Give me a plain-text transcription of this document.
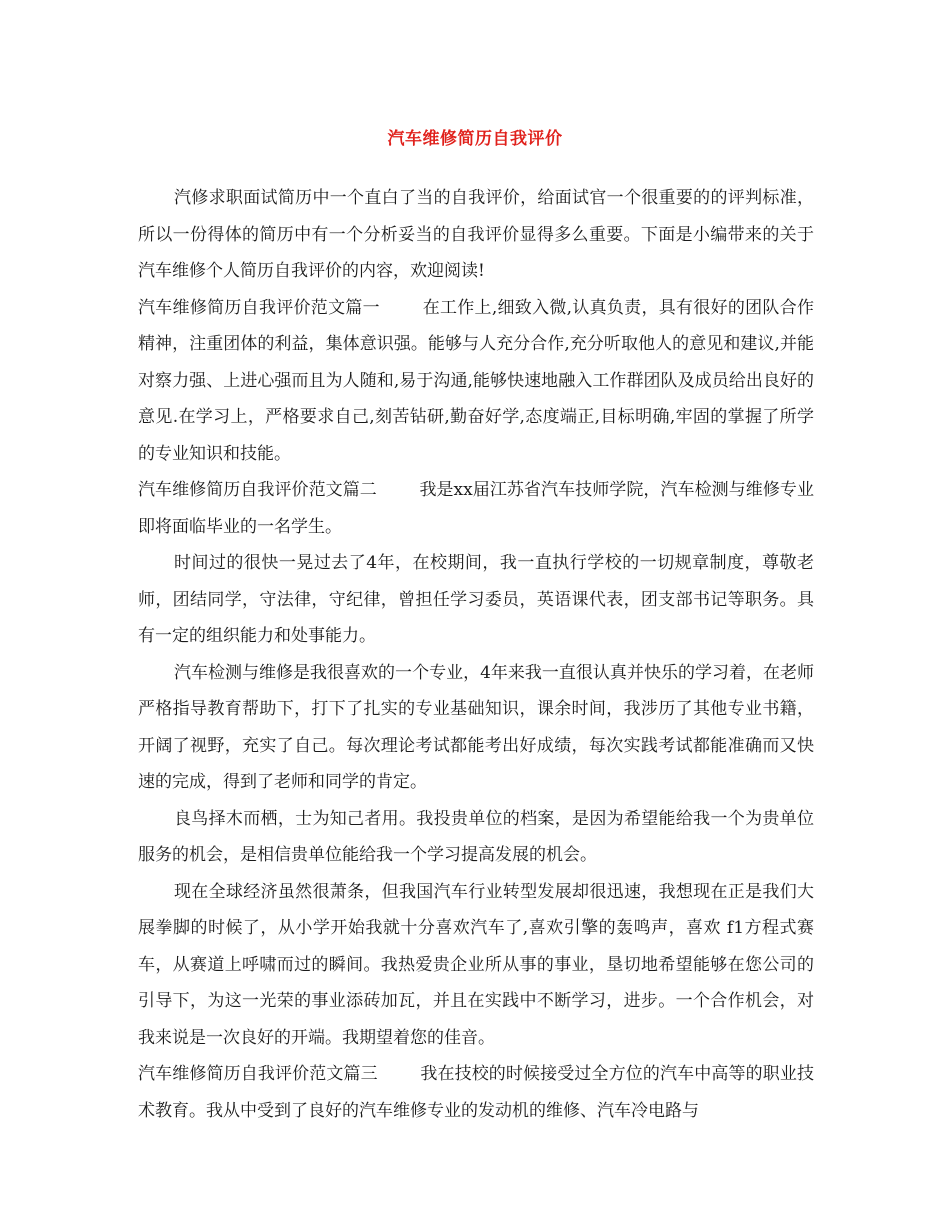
汽车维修简历自我评价

汽修求职面试简历中一个直白了当的自我评价，给面试官一个很重要的的评判标准，所以一份得体的简历中有一个分析妥当的自我评价显得多么重要。下面是小编带来的关于汽车维修个人简历自我评价的内容，欢迎阅读!

汽车维修简历自我评价范文篇一   	在工作上,细致入微,认真负责，具有很好的团队合作精神，注重团体的利益，集体意识强。能够与人充分合作,充分听取他人的意见和建议,并能对察力强、上进心强而且为人随和,易于沟通,能够快速地融入工作群团队及成员给出良好的意见.在学习上，严格要求自己,刻苦钻研,勤奋好学,态度端正,目标明确,牢固的掌握了所学的专业知识和技能。

汽车维修简历自我评价范文篇二   	我是xx届江苏省汽车技师学院，汽车检测与维修专业即将面临毕业的一名学生。

时间过的很快一晃过去了4年，在校期间，我一直执行学校的一切规章制度，尊敬老师，团结同学，守法律，守纪律，曾担任学习委员，英语课代表，团支部书记等职务。具有一定的组织能力和处事能力。

汽车检测与维修是我很喜欢的一个专业，4年来我一直很认真并快乐的学习着，在老师严格指导教育帮助下，打下了扎实的专业基础知识，课余时间，我涉历了其他专业书籍，开阔了视野，充实了自己。每次理论考试都能考出好成绩，每次实践考试都能准确而又快速的完成，得到了老师和同学的肯定。

良鸟择木而栖，士为知己者用。我投贵单位的档案，是因为希望能给我一个为贵单位服务的机会，是相信贵单位能给我一个学习提高发展的机会。

现在全球经济虽然很萧条，但我国汽车行业转型发展却很迅速，我想现在正是我们大展拳脚的时候了，从小学开始我就十分喜欢汽车了,喜欢引擎的轰鸣声，喜欢 f1方程式赛车，从赛道上呼啸而过的瞬间。我热爱贵企业所从事的事业，垦切地希望能够在您公司的引导下，为这一光荣的事业添砖加瓦，并且在实践中不断学习，进步。一个合作机会，对我来说是一次良好的开端。我期望着您的佳音。

汽车维修简历自我评价范文篇三   	我在技校的时候接受过全方位的汽车中高等的职业技术教育。我从中受到了良好的汽车维修专业的发动机的维修、汽车冷电路与
